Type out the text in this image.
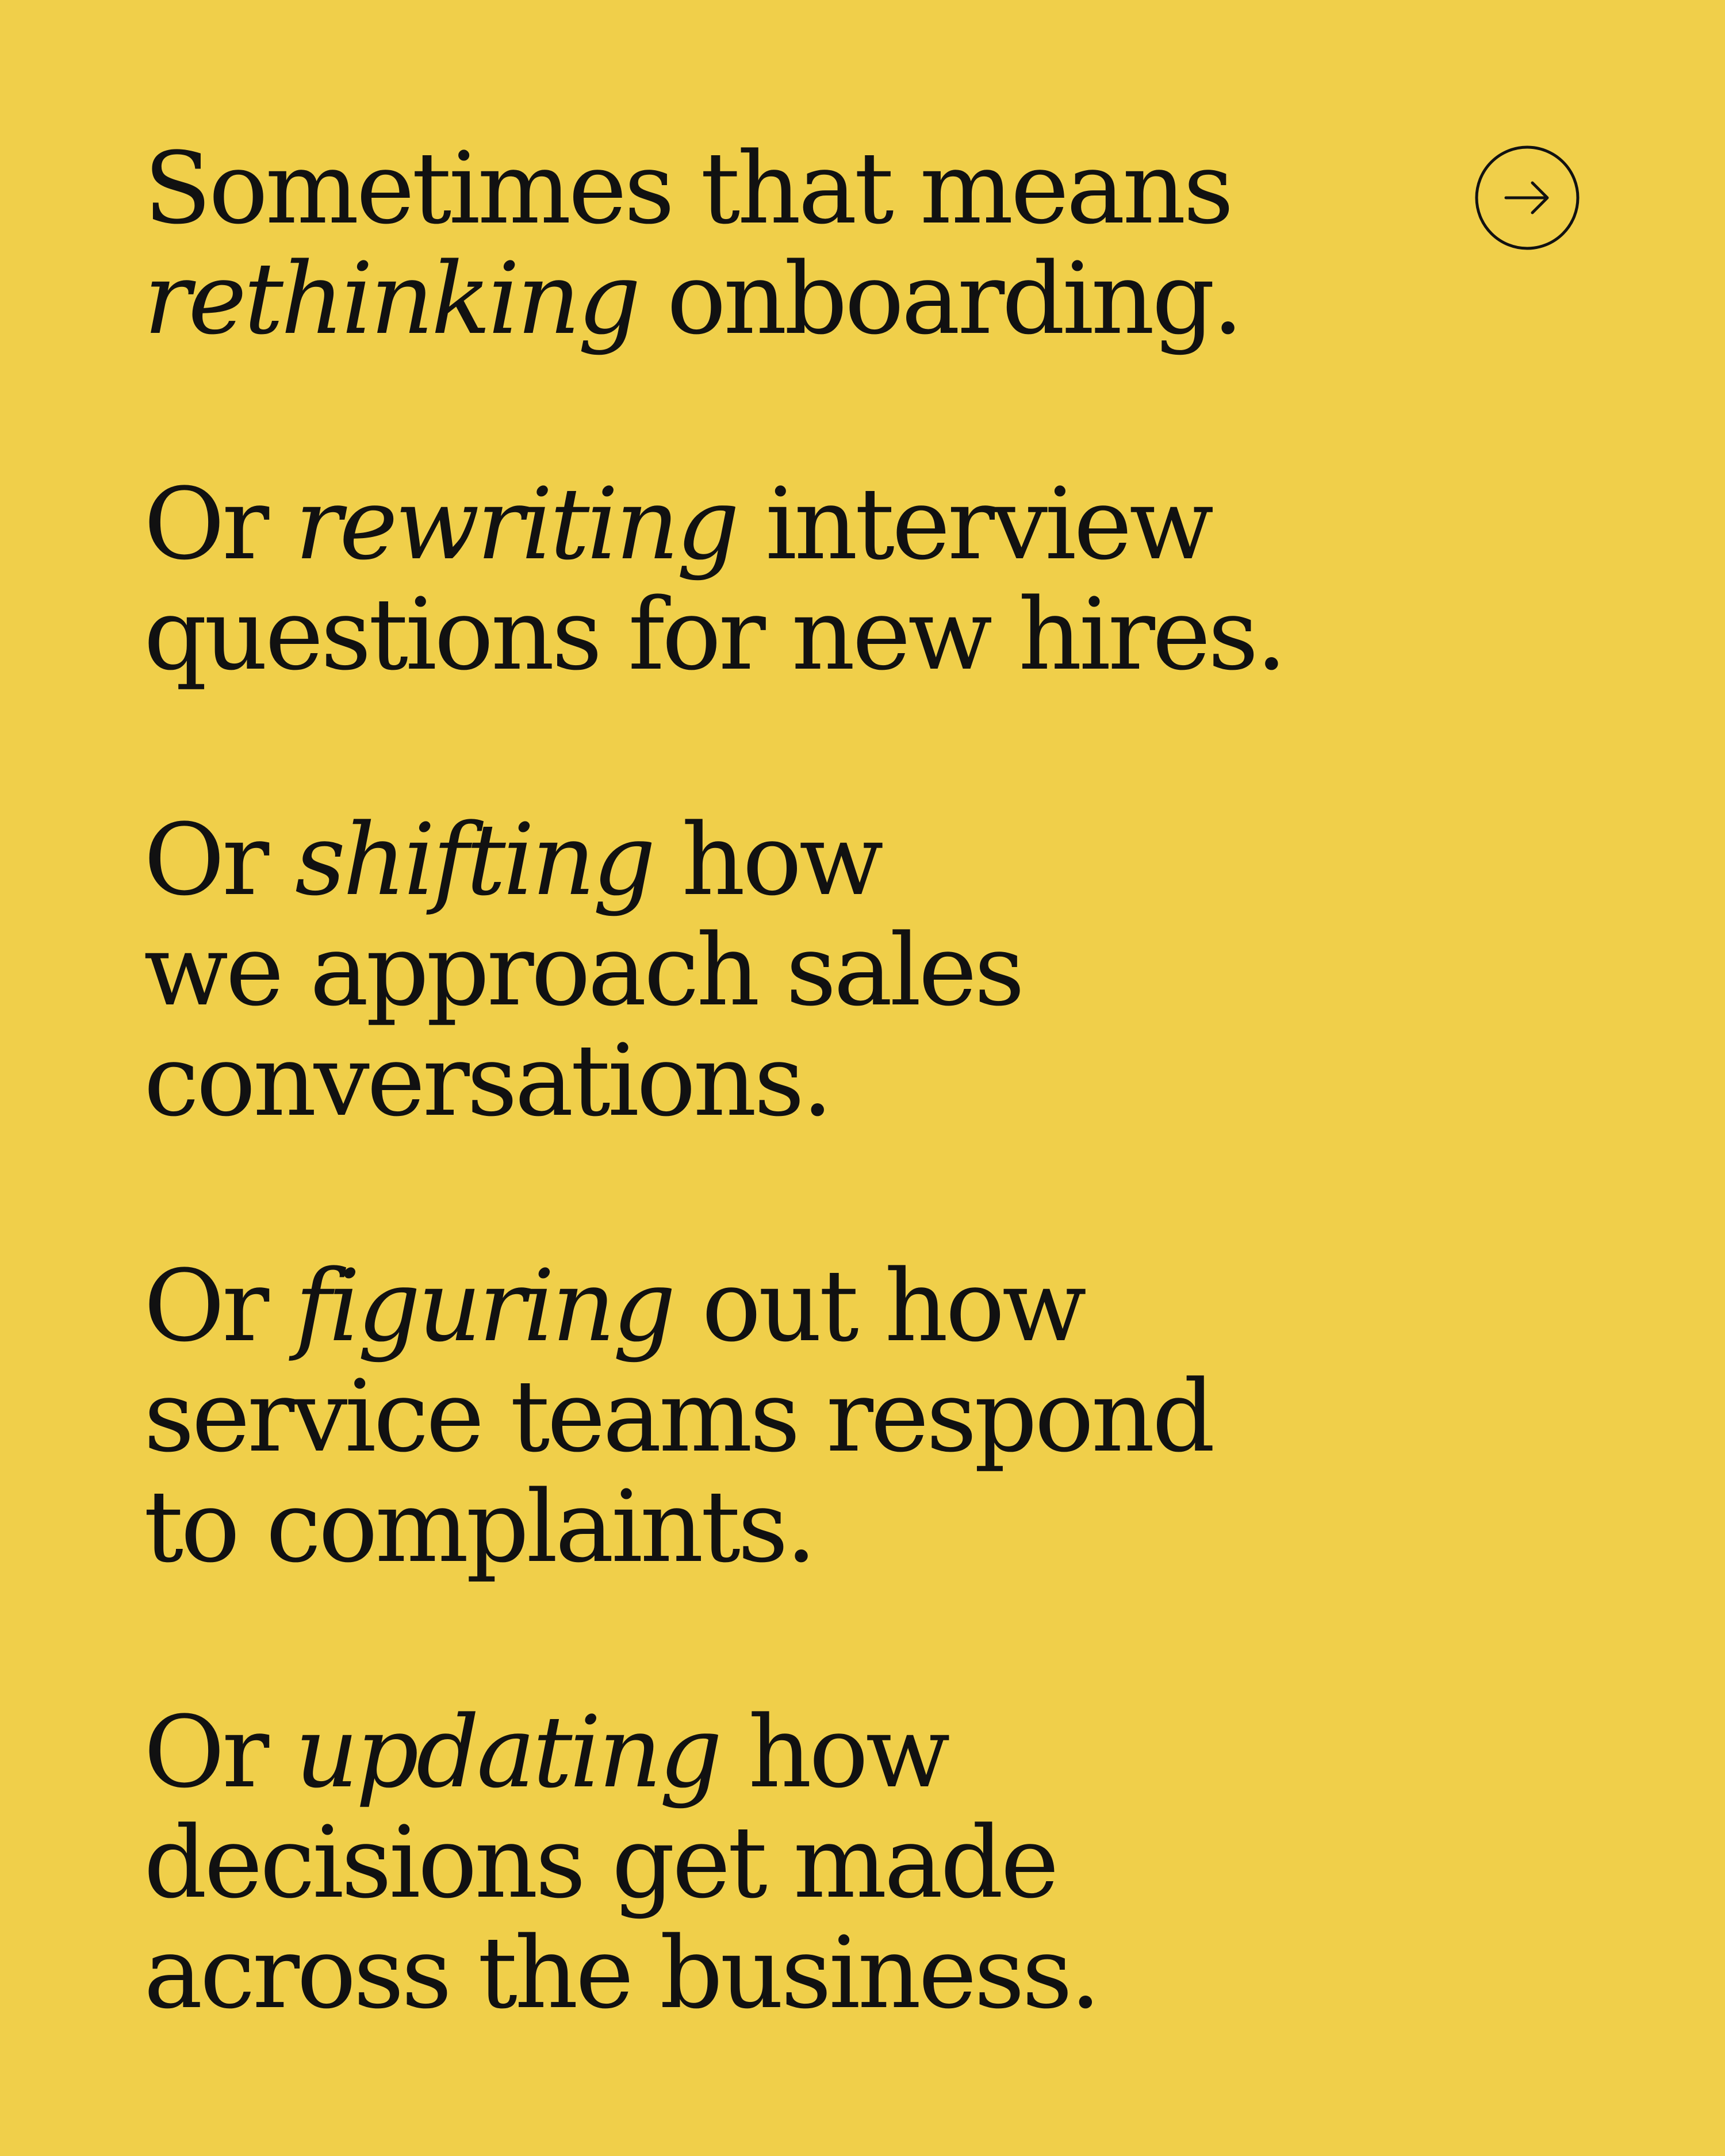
Sometimes that means
rethinking onboarding.

Or rewriting interview
questions for new hires.

Or shifting how
we approach sales
conversations.

Or figuring out how
service teams respond
to complaints.

Or updating how
decisions get made
across the business.
